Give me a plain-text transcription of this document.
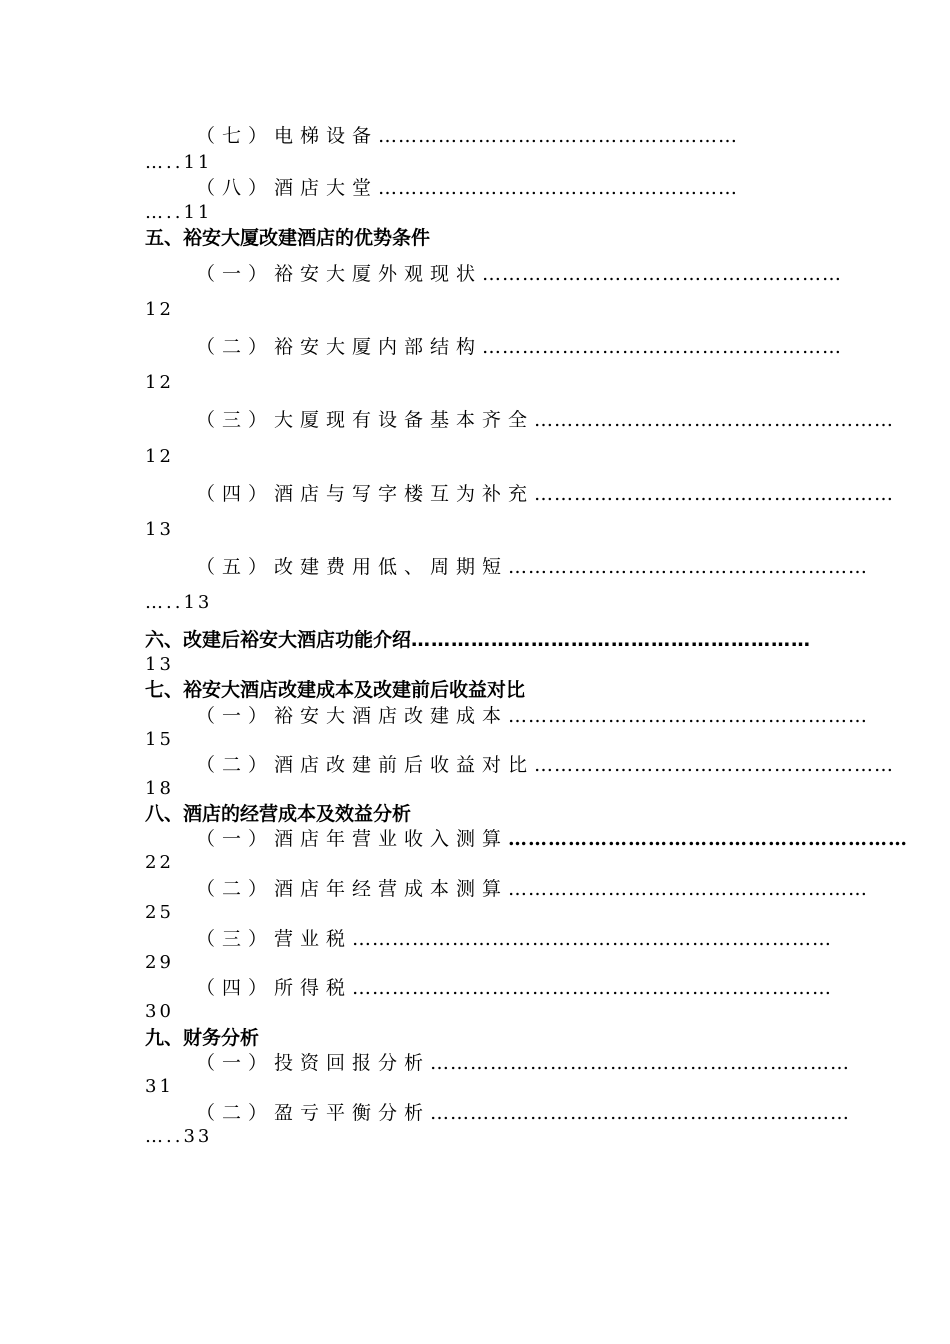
（七）电梯设备………………………………………………
…..11
（八）酒店大堂………………………………………………
…..11
五、裕安大厦改建酒店的优势条件
（一）裕安大厦外观现状………………………………………………
12
（二）裕安大厦内部结构………………………………………………
12
（三）大厦现有设备基本齐全………………………………………………
12
（四）酒店与写字楼互为补充………………………………………………
13
（五）改建费用低、周期短………………………………………………
…..13
六、改建后裕安大酒店功能介绍……………………………………………………
13
七、裕安大酒店改建成本及改建前后收益对比
（一）裕安大酒店改建成本………………………………………………
15
（二）酒店改建前后收益对比………………………………………………
18
八、酒店的经营成本及效益分析
（一）酒店年营业收入测算……………………………………………………
22
（二）酒店年经营成本测算………………………………………………
25
（三）营业税………………………………………………………………
29
（四）所得税………………………………………………………………
30
九、财务分析
（一）投资回报分析………………………………………………………
31
（二）盈亏平衡分析………………………………………………………
…..33
